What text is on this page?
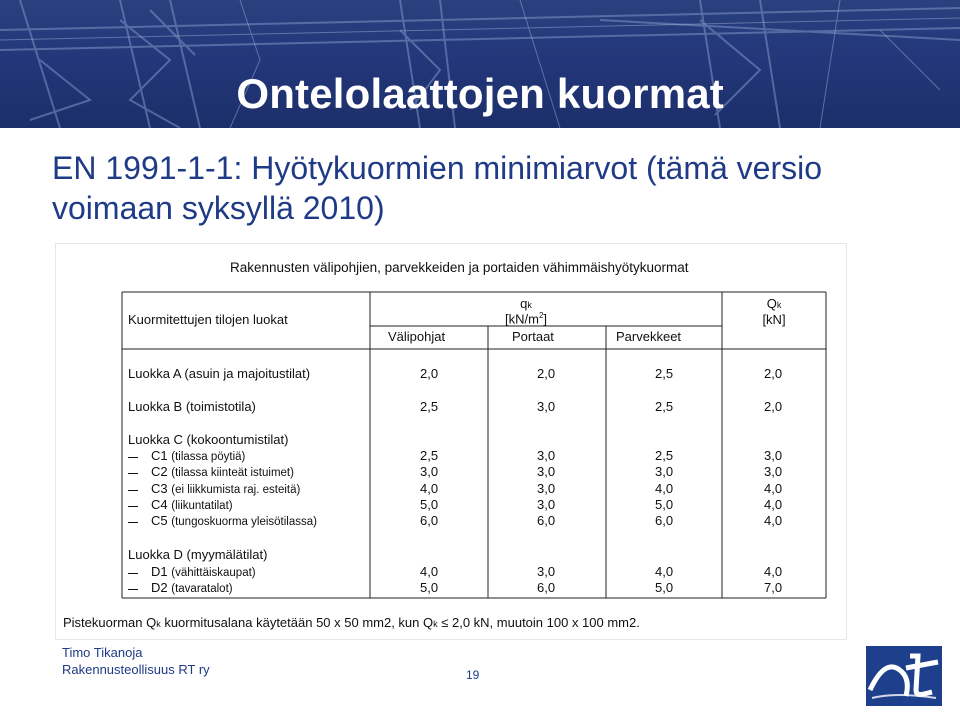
Ontelolaattojen kuormat
EN 1991-1-1: Hyötykuormien minimiarvot (tämä versio voimaan syksyllä 2010)
Rakennusten välipohjien, parvekkeiden ja portaiden vähimmäishyötykuormat
Kuormitettujen tilojen luokat
qk
$[kN/m^2]$
Qk
[kN]
Välipohjat	Portaat	Parvekkeet
Luokka A (asuin ja majoitustilat)	2,0	2,0	2,5	2,0
Luokka B (toimistotila)	2,5	3,0	2,5	2,0
Luokka C (kokoontumistilat)
C1 (tilassa pöytiä)	2,5	3,0	2,5	3,0
C2 (tilassa kiinteät istuimet)	3,0	3,0	3,0	3,0
C3 (ei liikkumista raj. esteitä)	4,0	3,0	4,0	4,0
C4 (liikuntatilat)	5,0	3,0	5,0	4,0
C5 (tungoskuorma yleisötilassa)	6,0	6,0	6,0	4,0
Luokka D (myymälätilat)
D1 (vähittäiskaupat)	4,0	3,0	4,0	4,0
D2 (tavaratalot)	5,0	6,0	5,0	7,0
Pistekuorman Qk kuormitusalana käytetään 50 x 50 mm2, kun Qk ≤ 2,0 kN, muutoin 100 x 100 mm2.
Timo Tikanoja
Rakennusteollisuus RT ry	19
